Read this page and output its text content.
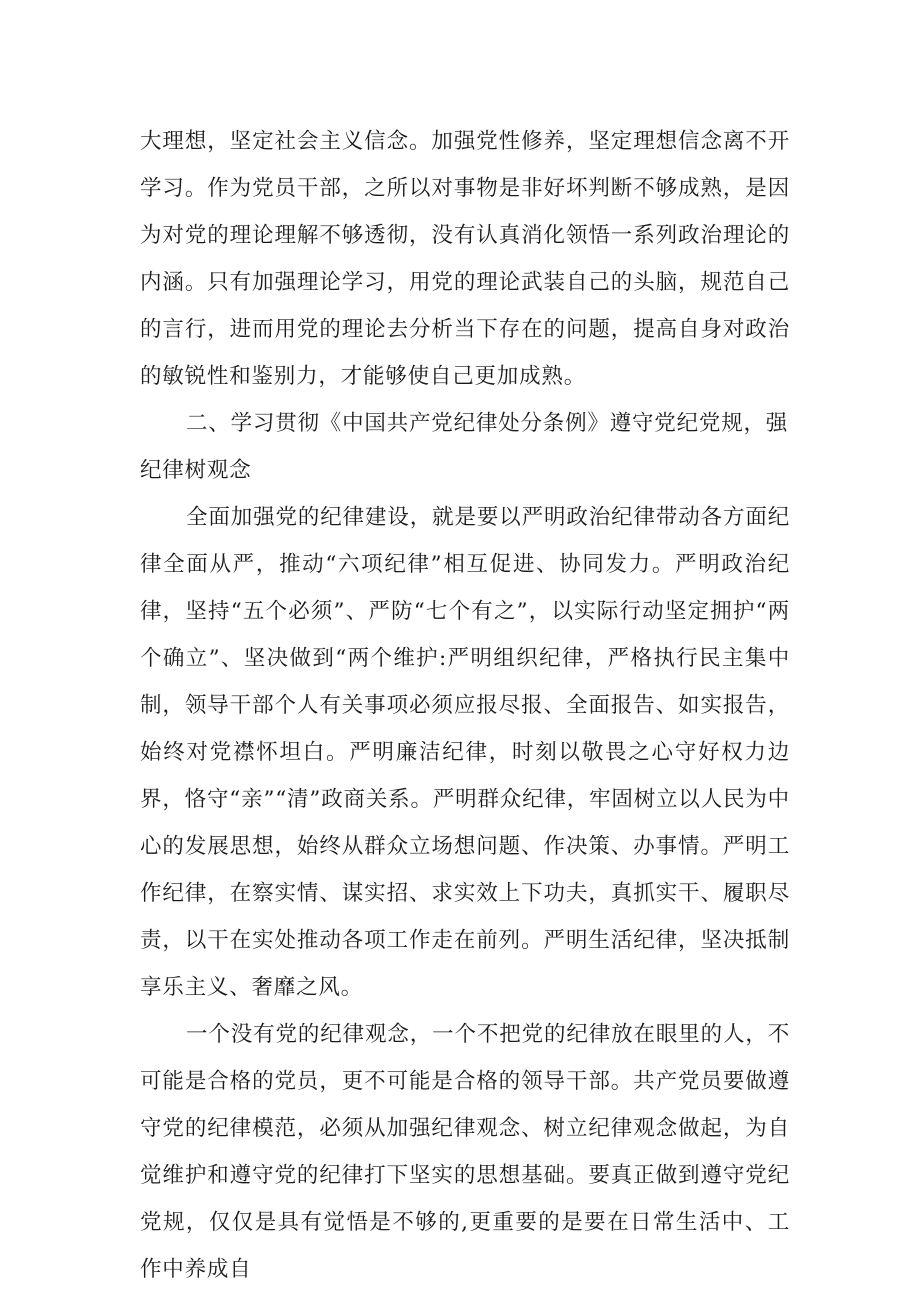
大理想，坚定社会主义信念。加强党性修养，坚定理想信念离不开学习。作为党员干部，之所以对事物是非好坏判断不够成熟，是因为对党的理论理解不够透彻，没有认真消化领悟一系列政治理论的内涵。只有加强理论学习，用党的理论武装自己的头脑，规范自己的言行，进而用党的理论去分析当下存在的问题，提高自身对政治的敏锐性和鉴别力，才能够使自己更加成熟。

二、学习贯彻《中国共产党纪律处分条例》遵守党纪党规，强纪律树观念

全面加强党的纪律建设，就是要以严明政治纪律带动各方面纪律全面从严，推动“六项纪律”相互促进、协同发力。严明政治纪律，坚持“五个必须”、严防“七个有之”，以实际行动坚定拥护“两个确立”、坚决做到“两个维护:严明组织纪律，严格执行民主集中制，领导干部个人有关事项必须应报尽报、全面报告、如实报告，始终对党襟怀坦白。严明廉洁纪律，时刻以敬畏之心守好权力边界，恪守“亲”“清”政商关系。严明群众纪律，牢固树立以人民为中心的发展思想，始终从群众立场想问题、作决策、办事情。严明工作纪律，在察实情、谋实招、求实效上下功夫，真抓实干、履职尽责，以干在实处推动各项工作走在前列。严明生活纪律，坚决抵制享乐主义、奢靡之风。

一个没有党的纪律观念，一个不把党的纪律放在眼里的人，不可能是合格的党员，更不可能是合格的领导干部。共产党员要做遵守党的纪律模范，必须从加强纪律观念、树立纪律观念做起，为自觉维护和遵守党的纪律打下坚实的思想基础。要真正做到遵守党纪党规，仅仅是具有觉悟是不够的,更重要的是要在日常生活中、工作中养成自
